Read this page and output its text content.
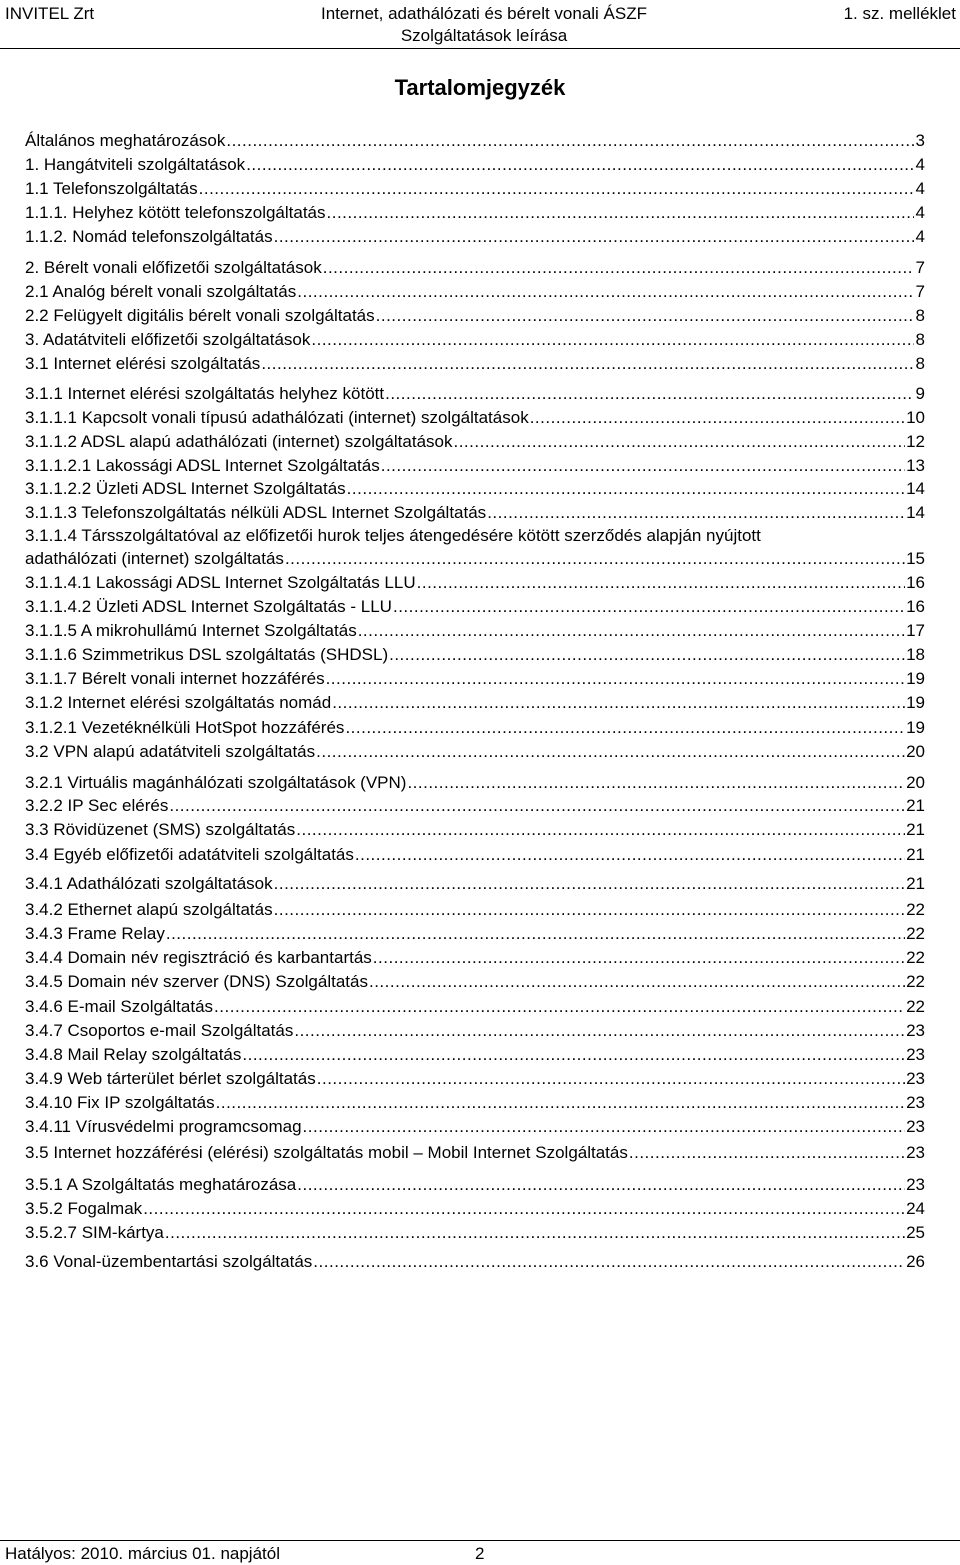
INVITEL Zrt	Internet, adathálózati és bérelt vonali ÁSZF
Szolgáltatások leírása
1. sz. melléklet
Tartalomjegyzék
Általános meghatározások .....	3
1. Hangátviteli szolgáltatások .....	4
1.1 Telefonszolgáltatás .....	4
1.1.1. Helyhez kötött telefonszolgáltatás .....	4
1.1.2. Nomád telefonszolgáltatás .....	4
2. Bérelt vonali előfizetői szolgáltatások .....	7
2.1 Analóg bérelt vonali szolgáltatás .....	7
2.2 Felügyelt digitális bérelt vonali szolgáltatás .....	8
3. Adatátviteli előfizetői szolgáltatások .....	8
3.1 Internet elérési szolgáltatás .....	8
3.1.1 Internet elérési szolgáltatás helyhez kötött .....	9
3.1.1.1 Kapcsolt vonali típusú adathálózati (internet) szolgáltatások .....	10
3.1.1.2 ADSL alapú adathálózati (internet) szolgáltatások .....	12
3.1.1.2.1 Lakossági ADSL Internet Szolgáltatás .....	13
3.1.1.2.2 Üzleti ADSL Internet Szolgáltatás .....	14
3.1.1.3 Telefonszolgáltatás nélküli ADSL Internet Szolgáltatás .....	14
3.1.1.4 Társszolgáltatóval az előfizetői hurok teljes átengedésére kötött szerződés alapján nyújtott
adathálózati (internet) szolgáltatás .....	15
3.1.1.4.1 Lakossági ADSL Internet Szolgáltatás LLU .....	16
3.1.1.4.2 Üzleti ADSL Internet Szolgáltatás - LLU .....	16
3.1.1.5 A mikrohullámú Internet Szolgáltatás .....	17
3.1.1.6 Szimmetrikus DSL szolgáltatás (SHDSL) .....	18
3.1.1.7 Bérelt vonali internet hozzáférés .....	19
3.1.2 Internet elérési szolgáltatás nomád .....	19
3.1.2.1 Vezetéknélküli HotSpot hozzáférés .....	19
3.2 VPN alapú adatátviteli szolgáltatás .....	20
3.2.1 Virtuális magánhálózati szolgáltatások (VPN) .....	20
3.2.2 IP Sec elérés .....	21
3.3 Rövidüzenet (SMS) szolgáltatás .....	21
3.4 Egyéb előfizetői adatátviteli szolgáltatás .....	21
3.4.1 Adathálózati szolgáltatások .....	21
3.4.2 Ethernet alapú szolgáltatás .....	22
3.4.3 Frame Relay .....	22
3.4.4 Domain név regisztráció és karbantartás .....	22
3.4.5 Domain név szerver (DNS) Szolgáltatás .....	22
3.4.6 E-mail Szolgáltatás .....	22
3.4.7 Csoportos e-mail Szolgáltatás .....	23
3.4.8 Mail Relay szolgáltatás .....	23
3.4.9 Web tárterület bérlet szolgáltatás .....	23
3.4.10 Fix IP szolgáltatás .....	23
3.4.11 Vírusvédelmi programcsomag .....	23
3.5 Internet hozzáférési (elérési) szolgáltatás mobil – Mobil Internet Szolgáltatás .....	23
3.5.1 A Szolgáltatás meghatározása .....	23
3.5.2 Fogalmak .....	24
3.5.2.7 SIM-kártya .....	25
3.6 Vonal-üzembentartási szolgáltatás .....	26
Hatályos: 2010. március 01. napjától	2
